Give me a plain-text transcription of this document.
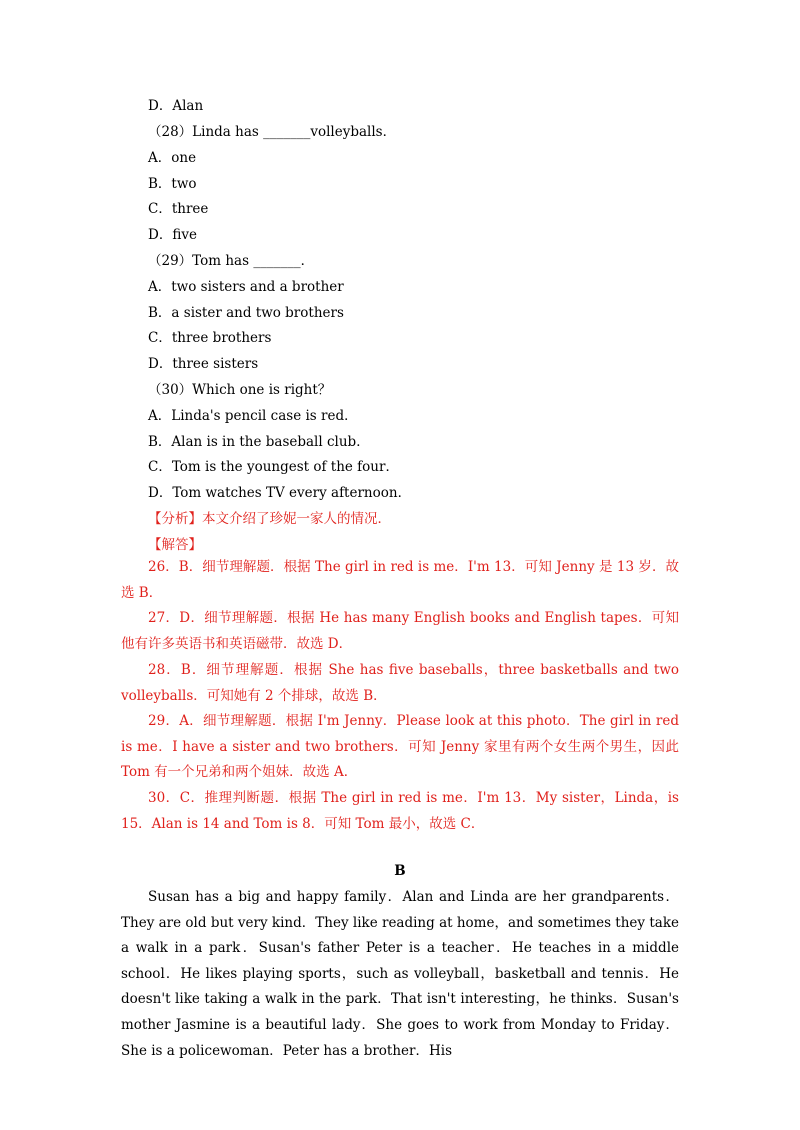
D．Alan
（28）Linda has _______volleyballs．
A．one
B．two
C．three
D．five
（29）Tom has _______．
A．two sisters and a brother
B．a sister and two brothers
C．three brothers
D．three sisters
（30）Which one is right？
A．Linda's pencil case is red．
B．Alan is in the baseball club．
C．Tom is the youngest of the four．
D．Tom watches TV every afternoon．
【分析】本文介绍了珍妮一家人的情况．
【解答】
26．B．细节理解题．根据 The girl in red is me．I'm 13．可知 Jenny 是 13 岁．故选 B．
27．D．细节理解题．根据 He has many English books and English tapes．可知他有许多英语书和英语磁带．故选 D．
28．B．细节理解题．根据 She has five baseballs，three basketballs and two volleyballs．可知她有 2 个排球，故选 B．
29．A．细节理解题．根据 I'm Jenny．Please look at this photo．The girl in red is me．I have a sister and two brothers．可知 Jenny 家里有两个女生两个男生，因此 Tom 有一个兄弟和两个姐妹．故选 A．
30．C．推理判断题．根据 The girl in red is me．I'm 13．My sister，Linda，is 15．Alan is 14 and Tom is 8．可知 Tom 最小，故选 C．
B
Susan has a big and happy family．Alan and Linda are her grandparents．They are old but very kind．They like reading at home，and sometimes they take a walk in a park．Susan's father Peter is a teacher．He teaches in a middle school．He likes playing sports，such as volleyball，basketball and tennis．He doesn't like taking a walk in the park．That isn't interesting，he thinks．Susan's mother Jasmine is a beautiful lady．She goes to work from Monday to Friday．She is a policewoman．Peter has a brother．His
